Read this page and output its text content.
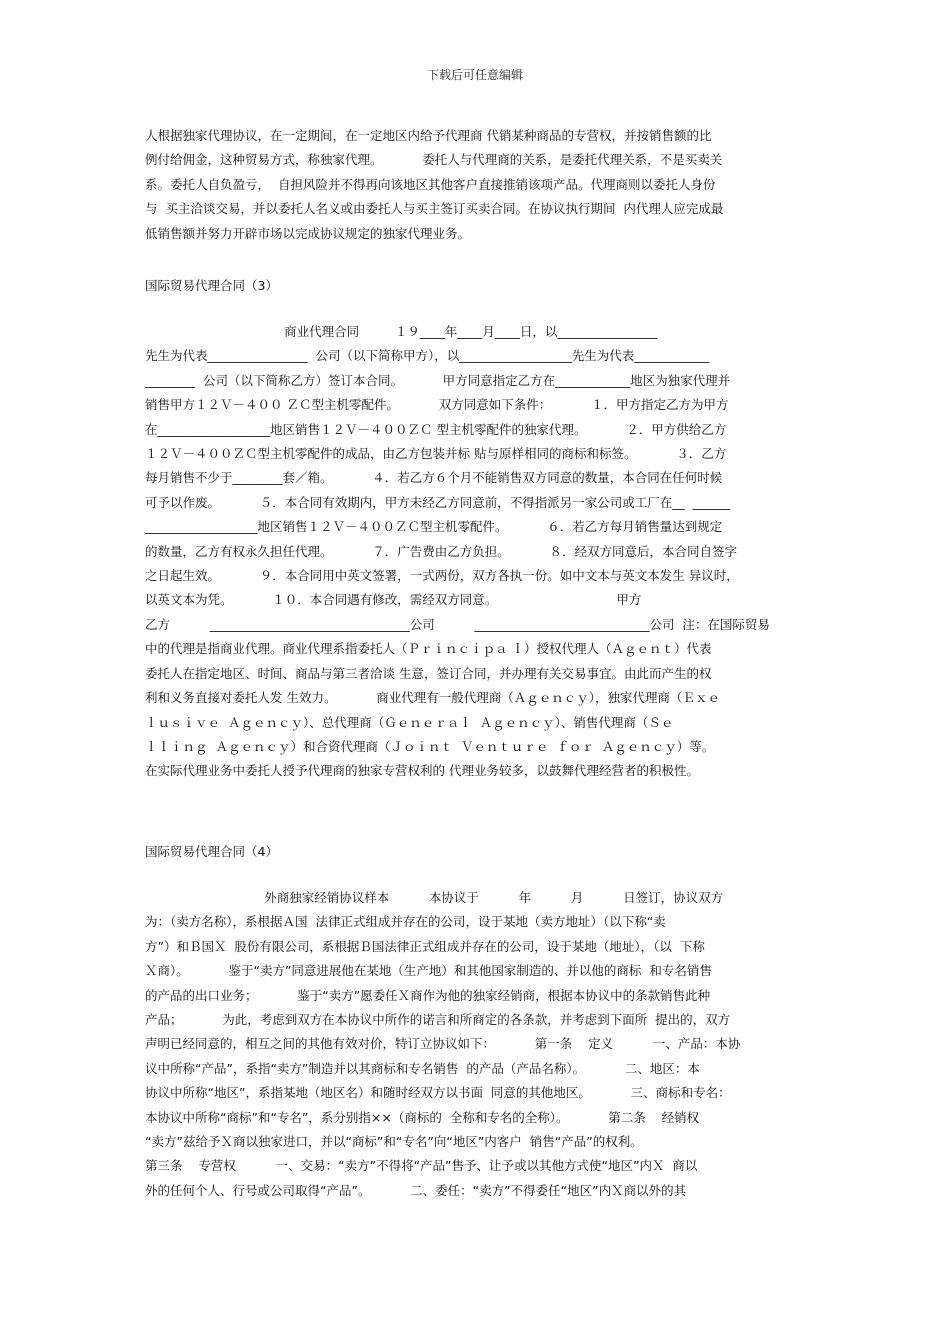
下载后可任意编辑
人根据独家代理协议，在一定期间，在一定地区内给予代理商 代销某种商品的专营权，并按销售额的比
例付给佣金，这种贸易方式，称独家代理。          委托人与代理商的关系，是委托代理关系，不是买卖关
系。委托人自负盈亏，  自担风险并不得再向该地区其他客户直接推销该项产品。代理商则以委托人身份
与  买主洽谈交易，并以委托人名义或由委托人与买主签订买卖合同。在协议执行期间  内代理人应完成最
低销售额并努力开辟市场以完成协议规定的独家代理业务。
国际贸易代理合同（3）
商业代理合同         １９____年____月____日，以________________
先生为代表________________  公司（以下简称甲方），以__________________先生为代表____________
________  公司（以下简称乙方）签订本合同。          甲方同意指定乙方在____________地区为独家代理并
销售甲方１２Ｖ－４００ ＺＣ型主机零配件。          双方同意如下条件：          １．甲方指定乙方为甲方
在__________________地区销售１２Ｖ－４００ＺＣ 型主机零配件的独家代理。          ２．甲方供给乙方
１２Ｖ－４００ＺＣ型主机零配件的成品，由乙方包装并标 贴与原样相同的商标和标签。          ３．乙方
每月销售不少于________套／箱。          ４．若乙方６个月不能销售双方同意的数量，本合同在任何时候
可予以作废。          ５．本合同有效期内，甲方未经乙方同意前，不得指派另一家公司或工厂在__  ______
__________________地区销售１２Ｖ－４００ＺＣ型主机零配件。          ６．若乙方每月销售量达到规定
的数量，乙方有权永久担任代理。          ７．广告费由乙方负担。          ８．经双方同意后，本合同自签字
之日起生效。          ９．本合同用中英文签署，一式两份，双方各执一份。如中文本与英文本发生 异议时，
以英文本为凭。          １０．本合同遇有修改，需经双方同意。                              甲方
乙方          ________________________________公司          ____________________________公司  注：在国际贸易
中的代理是指商业代理。商业代理系指委托人（Ｐｒｉｎｃｉｐａ ｌ）授权代理人（Ａｇｅｎｔ）代表
委托人在指定地区、时间、商品与第三者洽谈 生意，签订合同，并办理有关交易事宜。由此而产生的权
利和义务直接对委托人发 生效力。          商业代理有一般代理商（Ａｇｅｎｃｙ），独家代理商（Ｅｘｅ
ｌｕｓｉｖｅ  Ａｇｅｎｃｙ）、总代理商（Ｇｅｎｅｒａｌ  Ａｇｅｎｃｙ）、销售代理商（Ｓｅ
ｌｌｉｎｇ  Ａｇｅｎｃｙ）和合资代理商（Ｊｏｉｎｔ  Ｖｅｎｔｕｒｅ  ｆｏｒ  Ａｇｅｎｃｙ）等。
在实际代理业务中委托人授予代理商的独家专营权利的 代理业务较多，以鼓舞代理经营者的积极性。
国际贸易代理合同（4）
外商独家经销协议样本          本协议于          年          月          日签订，协议双方
为：（卖方名称），系根据Ａ国  法律正式组成并存在的公司，设于某地（卖方地址）（以下称“卖
方”）和Ｂ国Ｘ  股份有限公司，系根据Ｂ国法律正式组成并存在的公司，设于某地（地址），（以  下称
Ｘ商）。          鉴于“卖方”同意进展他在某地（生产地）和其他国家制造的、并以他的商标  和专名销售
的产品的出口业务；          鉴于“卖方”愿委任Ｘ商作为他的独家经销商，根据本协议中的条款销售此种
产品；          为此，考虑到双方在本协议中所作的诺言和所商定的各条款，并考虑到下面所  提出的，双方
声明已经同意的，相互之间的其他有效对价，特订立协议如下：          第一条    定义          一、产品：本协
议中所称“产品”，系指“卖方”制造并以其商标和专名销售  的产品（产品名称）。          二、地区：本
协议中所称“地区”，系指某地（地区名）和随时经双方以书面  同意的其他地区。          三、商标和专名：
本协议中所称“商标”和“专名”，系分别指××（商标的  全称和专名的全称）。          第二条    经销权
“卖方”兹给予Ｘ商以独家进口，并以“商标”和“专名”向“地区”内客户  销售“产品”的权利。
第三条    专营权          一、交易：“卖方”不得将“产品”售予、让予或以其他方式使“地区”内Ｘ  商以
外的任何个人、行号或公司取得“产品”。          二、委任：“卖方”不得委任“地区”内Ｘ商以外的其
